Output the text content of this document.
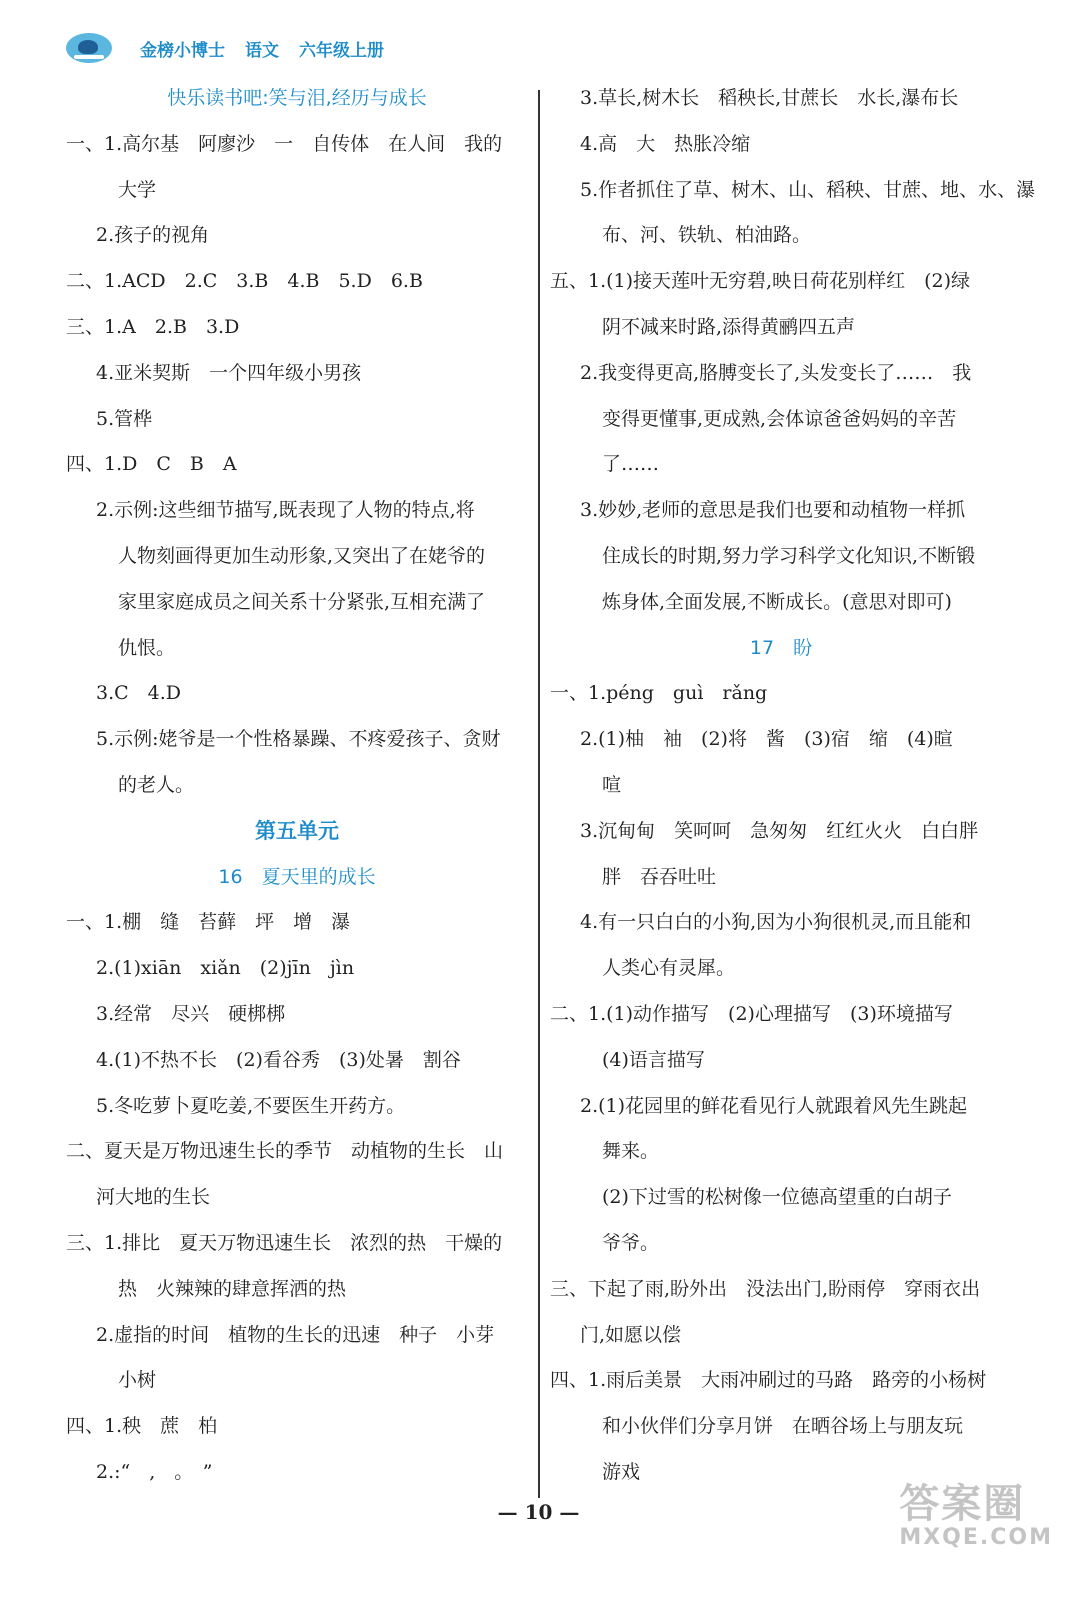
金榜小博士 语文 六年级上册
快乐读书吧:笑与泪,经历与成长
一、1.高尔基　阿廖沙　一　自传体　在人间　我的
大学
2.孩子的视角
二、1.ACD　2.C　3.B　4.B　5.D　6.B
三、1.A　2.B　3.D
4.亚米契斯　一个四年级小男孩
5.管桦
四、1.D　C　B　A
2.示例:这些细节描写,既表现了人物的特点,将
人物刻画得更加生动形象,又突出了在姥爷的
家里家庭成员之间关系十分紧张,互相充满了
仇恨。
3.C　4.D
5.示例:姥爷是一个性格暴躁、不疼爱孩子、贪财
的老人。
第五单元
16　夏天里的成长
一、1.棚　缝　苔藓　坪　增　瀑
2.(1)xiān　xiǎn　(2)jīn　jìn
3.经常　尽兴　硬梆梆
4.(1)不热不长　(2)看谷秀　(3)处暑　割谷
5.冬吃萝卜夏吃姜,不要医生开药方。
二、夏天是万物迅速生长的季节　动植物的生长　山
河大地的生长
三、1.排比　夏天万物迅速生长　浓烈的热　干燥的
热　火辣辣的肆意挥洒的热
2.虚指的时间　植物的生长的迅速　种子　小芽
小树
四、1.秧　蔗　柏
2.:“　,　。　”
3.草长,树木长　稻秧长,甘蔗长　水长,瀑布长
4.高　大　热胀冷缩
5.作者抓住了草、树木、山、稻秧、甘蔗、地、水、瀑
布、河、铁轨、柏油路。
五、1.(1)接天莲叶无穷碧,映日荷花别样红　(2)绿
阴不减来时路,添得黄鹂四五声
2.我变得更高,胳膊变长了,头发变长了……　我
变得更懂事,更成熟,会体谅爸爸妈妈的辛苦
了……
3.妙妙,老师的意思是我们也要和动植物一样抓
住成长的时期,努力学习科学文化知识,不断锻
炼身体,全面发展,不断成长。(意思对即可)
17　盼
一、1.péng　guì　rǎng
2.(1)柚　袖　(2)将　酱　(3)宿　缩　(4)暄
喧
3.沉甸甸　笑呵呵　急匆匆　红红火火　白白胖
胖　吞吞吐吐
4.有一只白白的小狗,因为小狗很机灵,而且能和
人类心有灵犀。
二、1.(1)动作描写　(2)心理描写　(3)环境描写
(4)语言描写
2.(1)花园里的鲜花看见行人就跟着风先生跳起
舞来。
(2)下过雪的松树像一位德高望重的白胡子
爷爷。
三、下起了雨,盼外出　没法出门,盼雨停　穿雨衣出
门,如愿以偿
四、1.雨后美景　大雨冲刷过的马路　路旁的小杨树
和小伙伴们分享月饼　在晒谷场上与朋友玩
游戏
— 10 —	答案圈
MXQE.COM
